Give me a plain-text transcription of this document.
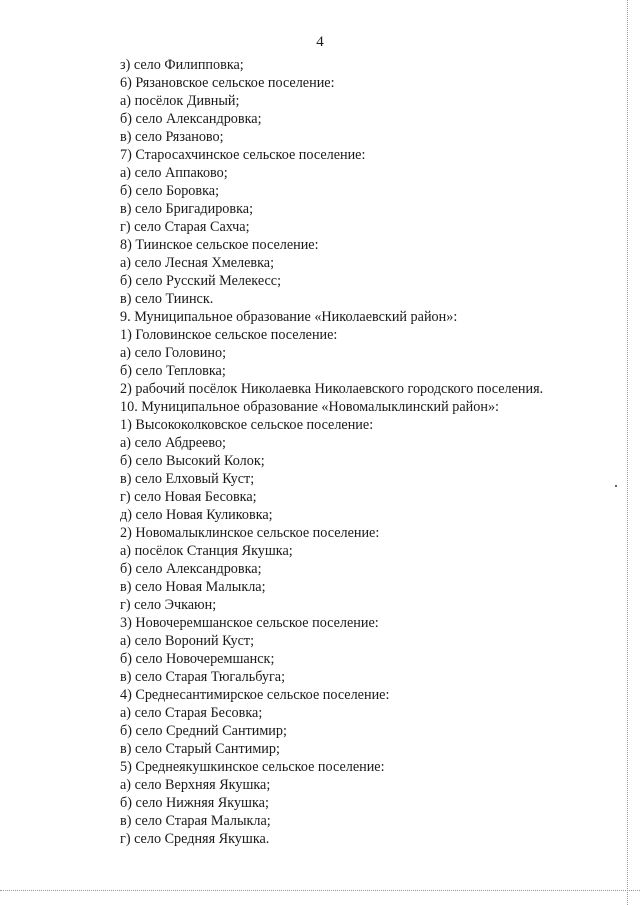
4
з) село Филипповка;
6) Рязановское сельское поселение:
а) посёлок Дивный;
б) село Александровка;
в) село Рязаново;
7) Старосахчинское сельское поселение:
а) село Аппаково;
б) село Боровка;
в) село Бригадировка;
г) село Старая Сахча;
8) Тиинское сельское поселение:
а) село Лесная Хмелевка;
б) село Русский Мелекесс;
в) село Тиинск.
9. Муниципальное образование «Николаевский район»:
1) Головинское сельское поселение:
а) село Головино;
б) село Тепловка;
2) рабочий посёлок Николаевка Николаевского городского поселения.
10. Муниципальное образование «Новомалыклинский район»:
1) Высококолковское сельское поселение:
а) село Абдреево;
б) село Высокий Колок;
в) село Елховый Куст;
г) село Новая Бесовка;
д) село Новая Куликовка;
2) Новомалыклинское сельское поселение:
а) посёлок Станция Якушка;
б) село Александровка;
в) село Новая Малыкла;
г) село Эчкаюн;
3) Новочеремшанское сельское поселение:
а) село Вороний Куст;
б) село Новочеремшанск;
в) село Старая Тюгальбуга;
4) Среднесантимирское сельское поселение:
а) село Старая Бесовка;
б) село Средний Сантимир;
в) село Старый Сантимир;
5) Среднеякушкинское сельское поселение:
а) село Верхняя Якушка;
б) село Нижняя Якушка;
в) село Старая Малыкла;
г) село Средняя Якушка.
